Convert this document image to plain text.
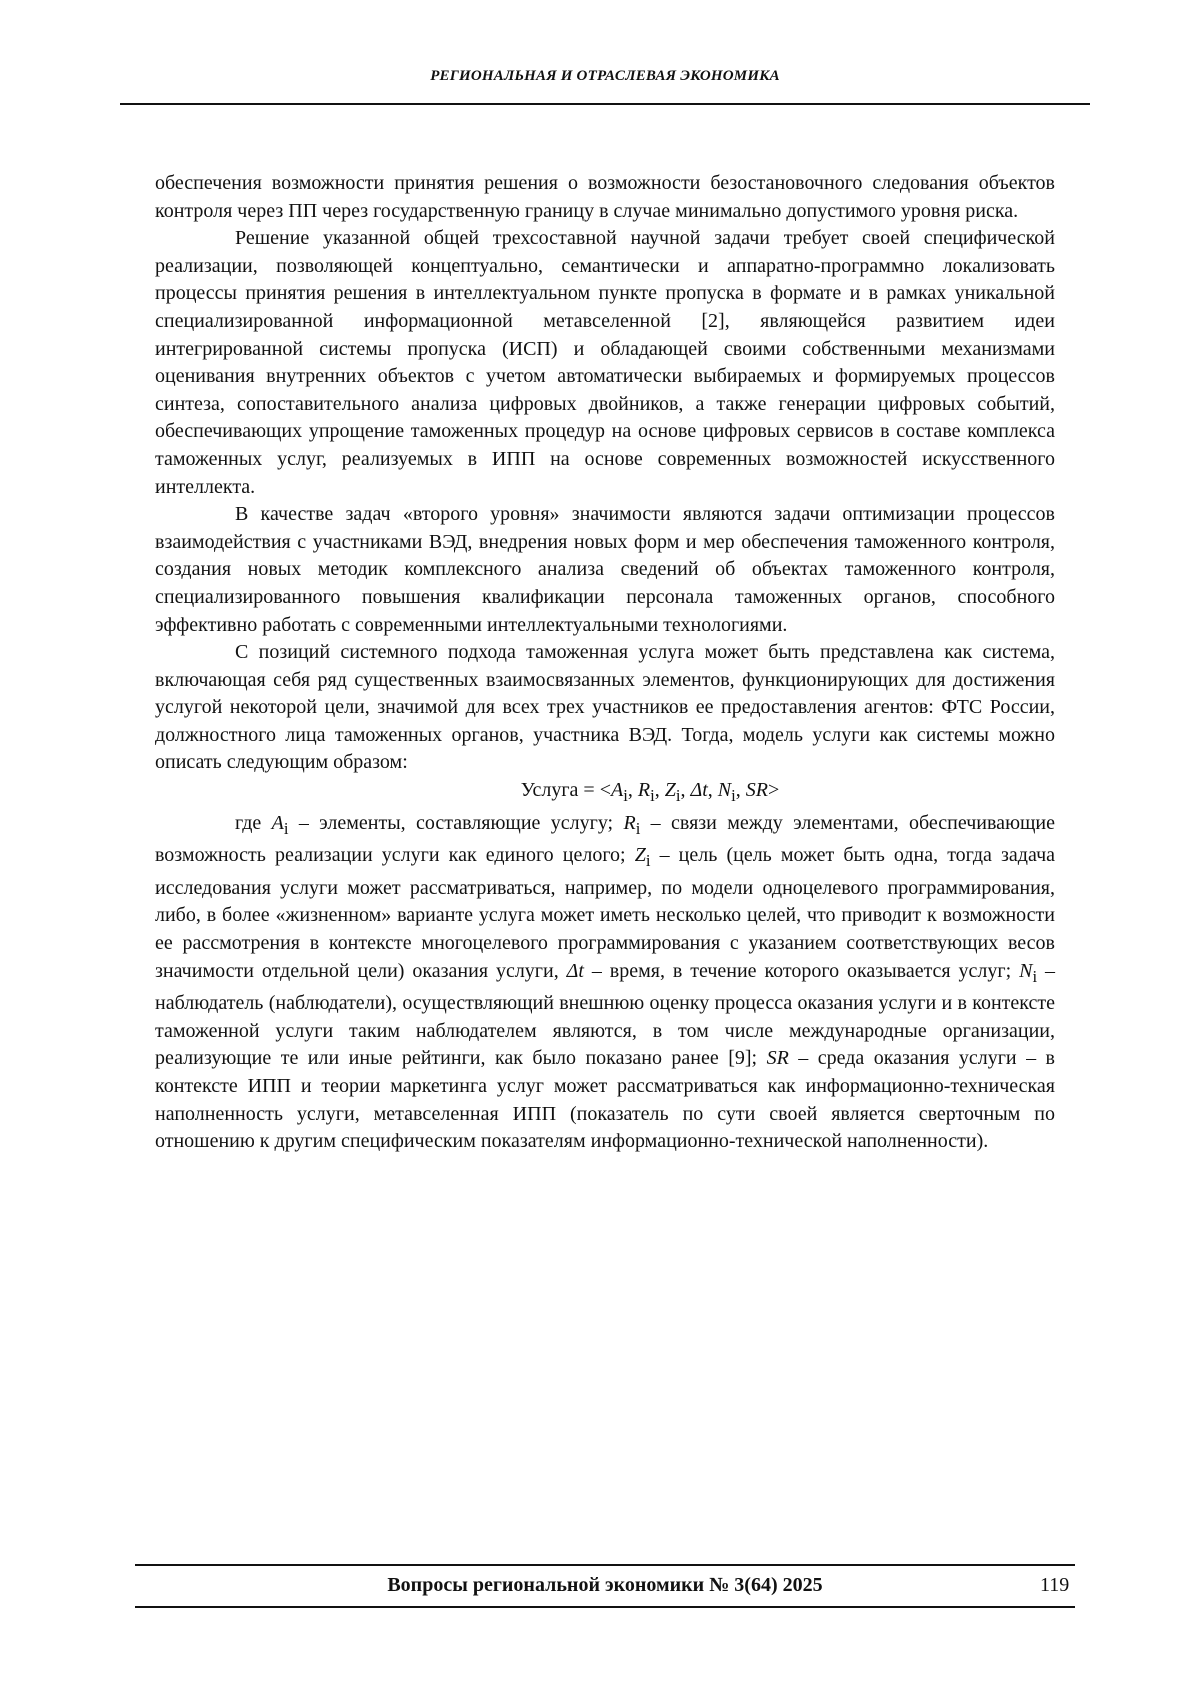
РЕГИОНАЛЬНАЯ И ОТРАСЛЕВАЯ ЭКОНОМИКА

обеспечения возможности принятия решения о возможности безостановочного следования объектов контроля через ПП через государственную границу в случае минимально допустимого уровня риска.

Решение указанной общей трехсоставной научной задачи требует своей специфической реализации, позволяющей концептуально, семантически и аппаратно-программно локализовать процессы принятия решения в интеллектуальном пункте пропуска в формате и в рамках уникальной специализированной информационной метавселенной [2], являющейся развитием идеи интегрированной системы пропуска (ИСП) и обладающей своими собственными механизмами оценивания внутренних объектов с учетом автоматически выбираемых и формируемых процессов синтеза, сопоставительного анализа цифровых двойников, а также генерации цифровых событий, обеспечивающих упрощение таможенных процедур на основе цифровых сервисов в составе комплекса таможенных услуг, реализуемых в ИПП на основе современных возможностей искусственного интеллекта.

В качестве задач «второго уровня» значимости являются задачи оптимизации процессов взаимодействия с участниками ВЭД, внедрения новых форм и мер обеспечения таможенного контроля, создания новых методик комплексного анализа сведений об объектах таможенного контроля, специализированного повышения квалификации персонала таможенных органов, способного эффективно работать с современными интеллектуальными технологиями.

С позиций системного подхода таможенная услуга может быть представлена как система, включающая себя ряд существенных взаимосвязанных элементов, функционирующих для достижения услугой некоторой цели, значимой для всех трех участников ее предоставления агентов: ФТС России, должностного лица таможенных органов, участника ВЭД. Тогда, модель услуги как системы можно описать следующим образом:

Услуга = $<A_i$, $R_i$, $Z_i$, Δt, $N_i$, SR>

где $A_i$ – элементы, составляющие услугу; $R_i$ – связи между элементами, обеспечивающие возможность реализации услуги как единого целого; $Z_i$ – цель (цель может быть одна, тогда задача исследования услуги может рассматриваться, например, по модели одноцелевого программирования, либо, в более «жизненном» варианте услуга может иметь несколько целей, что приводит к возможности ее рассмотрения в контексте многоцелевого программирования с указанием соответствующих весов значимости отдельной цели) оказания услуги, Δt – время, в течение которого оказывается услуг; $N_i$ – наблюдатель (наблюдатели), осуществляющий внешнюю оценку процесса оказания услуги и в контексте таможенной услуги таким наблюдателем являются, в том числе международные организации, реализующие те или иные рейтинги, как было показано ранее [9]; SR – среда оказания услуги – в контексте ИПП и теории маркетинга услуг может рассматриваться как информационно-техническая наполненность услуги, метавселенная ИПП (показатель по сути своей является сверточным по отношению к другим специфическим показателям информационно-технической наполненности).

Вопросы региональной экономики № 3(64) 2025	119
